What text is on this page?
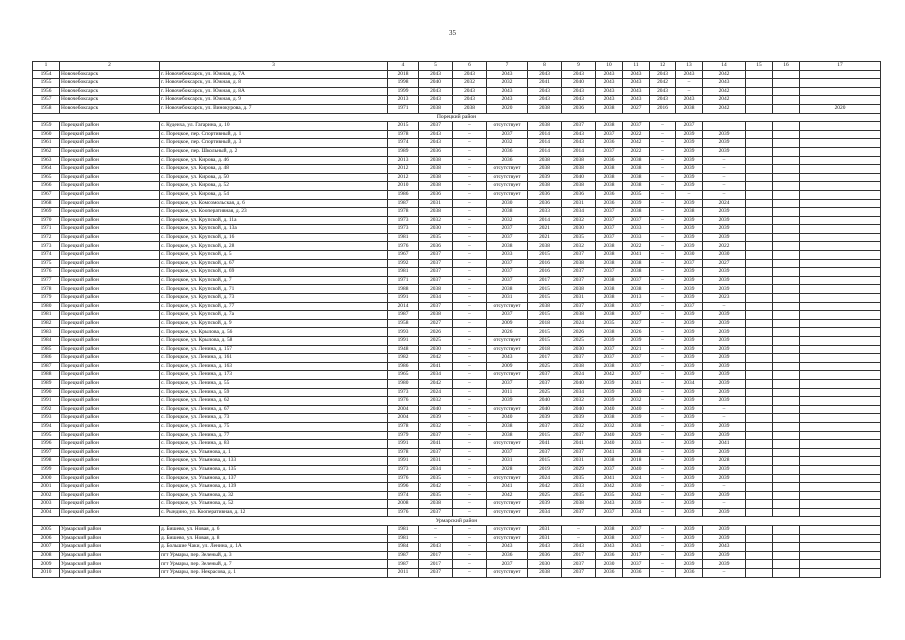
35
1	2	3	4	5	6	7	8	9	10	11	12	13	14	15	16	17
1954	Новочебоксарск	г. Новочебоксарск, ул. Южная, д. 7А	2018	2043	2043	2043	2043	2043	2043	2043	2043	2043	2042			
1955	Новочебоксарск	г. Новочебоксарск, ул. Южная, д. 8	1998	2040	2032	2032	2041	2040	2043	2043	2042	–	2043			
1956	Новочебоксарск	г. Новочебоксарск, ул. Южная, д. 8А	1999	2043	2043	2043	2043	2043	2043	2043	2043	–	2042			
1957	Новочебоксарск	г. Новочебоксарск, ул. Южная, д. 9	2013	2043	2043	2043	2043	2043	2043	2043	2043	2043	2042			
1958	Новочебоксарск	г. Новочебоксарск, ул. Винокурова, д. 7	1971	2038	2038	2020	2038	2036	2038	2027	2016	2038	2042			2020
Порецкий район																
1959	Порецкий район	с. Кудеиха, ул. Гагарина, д. 10	2015	2037	–	отсутствует	2038	2037	2038	2037	–	2037				
1960	Порецкий район	с. Порецкое, пер. Спортивный, д. 1	1978	2043	–	2037	2014	2043	2037	2022	–	2039	2039			
1961	Порецкий район	с. Порецкое, пер. Спортивный, д. 3	1974	2043	–	2032	2014	2043	2036	2042	–	2039	2039			
1962	Порецкий район	с. Порецкое, пер. Школьный, д. 2	1989	2036	–	2036	2014	2014	2037	2022	–	2039	2039			
1963	Порецкий район	с. Порецкое, ул. Кирова, д. 46	2013	2038	–	2036	2038	2038	2036	2038	–	2039	–			
1964	Порецкий район	с. Порецкое, ул. Кирова, д. 48	2012	2038	–	отсутствует	2038	2038	2038	2038	–	2039	–			
1965	Порецкий район	с. Порецкое, ул. Кирова, д. 50	2012	2038	–	отсутствует	2039	2040	2038	2038	–	2039	–			
1966	Порецкий район	с. Порецкое, ул. Кирова, д. 52	2010	2038	–	отсутствует	2038	2038	2038	2038	–	2039	–			
1967	Порецкий район	с. Порецкое, ул. Кирова, д. 54	1986	2036	–	отсутствует	2036	2036	2036	2035	–	–	–			
1968	Порецкий район	с. Порецкое, ул. Комсомольская, д. 6	1987	2031	–	2030	2036	2031	2036	2039	–	2039	2024			
1969	Порецкий район	с. Порецкое, ул. Кооперативная, д. 23	1978	2038	–	2038	2033	2034	2037	2038	–	2038	2039			
1970	Порецкий район	с. Порецкое, ул. Крупской, д. 11а	1973	2032	–	2032	2014	2032	2037	2037	–	2039	2039			
1971	Порецкий район	с. Порецкое, ул. Крупской, д. 13а	1973	2030	–	2037	2021	2030	2037	2033	–	2039	2039			
1972	Порецкий район	с. Порецкое, ул. Крупской, д. 16	1981	2035	–	2037	2021	2035	2037	2033	–	2039	2039			
1973	Порецкий район	с. Порецкое, ул. Крупской, д. 28	1976	2036	–	2038	2038	2032	2038	2022	–	2039	2022			
1974	Порецкий район	с. Порецкое, ул. Крупской, д. 5	1967	2037	–	2033	2015	2037	2038	2041	–	2030	2030			
1975	Порецкий район	с. Порецкое, ул. Крупской, д. 67	1992	2037	–	2037	2016	2038	2038	2038	–	2037	2027			
1976	Порецкий район	с. Порецкое, ул. Крупской, д. 69	1981	2037	–	2037	2016	2037	2037	2038	–	2039	2039			
1977	Порецкий район	с. Порецкое, ул. Крупской, д. 7	1971	2037	–	2037	2017	2037	2038	2037	–	2039	2039			
1978	Порецкий район	с. Порецкое, ул. Крупской, д. 71	1988	2038	–	2038	2015	2038	2038	2038	–	2039	2039			
1979	Порецкий район	с. Порецкое, ул. Крупской, д. 73	1991	2034	–	2031	2015	2031	2038	2013	–	2039	2023			
1980	Порецкий район	с. Порецкое, ул. Крупской, д. 77	2014	2037	–	отсутствует	2038	2037	2038	2037	–	2037	–			
1981	Порецкий район	с. Порецкое, ул. Крупской, д. 7а	1987	2038	–	2037	2015	2038	2038	2037	–	2039	2039			
1982	Порецкий район	с. Порецкое, ул. Крупской, д. 9	1958	2027	–	2009	2018	2024	2035	2027	–	2039	2039			
1983	Порецкий район	с. Порецкое, ул. Крылова, д. 56	1993	2026	–	2026	2015	2026	2038	2026	–	2039	2039			
1984	Порецкий район	с. Порецкое, ул. Крылова, д. 58	1991	2025	–	отсутствует	2015	2025	2039	2039	–	2039	2039			
1985	Порецкий район	с. Порецкое, ул. Ленина, д. 157	1948	2030	–	отсутствует	2018	2030	2037	2021	–	2039	2039			
1986	Порецкий район	с. Порецкое, ул. Ленина, д. 161	1982	2042	–	2043	2017	2037	2037	2037	–	2039	2039			
1987	Порецкий район	с. Порецкое, ул. Ленина, д. 163	1986	2041	–	2009	2025	2038	2038	2037	–	2039	2039			
1988	Порецкий район	с. Порецкое, ул. Ленина, д. 173	1965	2034	–	отсутствует	2037	2024	2042	2037	–	2039	2039			
1989	Порецкий район	с. Порецкое, ул. Ленина, д. 55	1980	2042	–	2037	2037	2040	2039	2041	–	2034	2039			
1990	Порецкий район	с. Порецкое, ул. Ленина, д. 59	1973	2024	–	2011	2025	2034	2039	2040	–	2039	2039			
1991	Порецкий район	с. Порецкое, ул. Ленина, д. 62	1976	2032	–	2039	2040	2032	2039	2032	–	2039	2039			
1992	Порецкий район	с. Порецкое, ул. Ленина, д. 67	2004	2040	–	отсутствует	2040	2040	2040	2040	–	2039	–			
1993	Порецкий район	с. Порецкое, ул. Ленина, д. 73	2004	2039	–	2040	2039	2039	2038	2039	–	2039	–			
1994	Порецкий район	с. Порецкое, ул. Ленина, д. 75	1978	2032	–	2038	2037	2032	2032	2038	–	2039	2039			
1995	Порецкий район	с. Порецкое, ул. Ленина, д. 77	1979	2037	–	2038	2015	2037	2040	2029	–	2039	2039			
1996	Порецкий район	с. Порецкое, ул. Ленина, д. 83	1991	2041	–	отсутствует	2041	2041	2040	2033	–	2039	2041			
1997	Порецкий район	с. Порецкое, ул. Ульянова, д. 1	1978	2037	–	2037	2037	2037	2041	2038	–	2039	2039			
1998	Порецкий район	с. Порецкое, ул. Ульянова, д. 133	1991	2031	–	2031	2015	2031	2038	2018	–	2039	2028			
1999	Порецкий район	с. Порецкое, ул. Ульянова, д. 135	1973	2034	–	2028	2019	2029	2037	2040	–	2039	2039			
2000	Порецкий район	с. Порецкое, ул. Ульянова, д. 137	1976	2035	–	отсутствует	2024	2035	2041	2024	–	2039	2039			
2001	Порецкий район	с. Порецкое, ул. Ульянова, д. 139	1996	2042	–	2041	2042	2033	2042	2030	–	2039	–			
2002	Порецкий район	с. Порецкое, ул. Ульянова, д. 32	1974	2035	–	2042	2025	2035	2035	2042	–	2039	2039			
2003	Порецкий район	с. Порецкое, ул. Ульянова, д. 52	2008	2038	–	отсутствует	2039	2038	2043	2039	–	2039	–			
2004	Порецкий район	с. Рындино, ул. Кооперативная, д. 12	1976	2037	–	отсутствует	2034	2037	2037	2034	–	2039	2039			
Урмарский район																
2005	Урмарский район	д. Бишево, ул. Новая, д. 6	1981	–	–	отсутствует	2031	–	2038	2037	–	2039	2039			
2006	Урмарский район	д. Бишево, ул. Новая, д. 8	1981	–	–	отсутствует	2031	–	2038	2037	–	2039	2039			
2007	Урмарский район	д. Большие Чаки, ул. Ленина, д. 1А	1984	2043	–	2043	2043	2043	2043	2043	–	2039	2043			
2008	Урмарский район	пгт Урмары, пер. Зеленый, д. 3	1987	2017	–	2036	2036	2017	2036	2017	–	2039	2039			
2009	Урмарский район	пгт Урмары, пер. Зеленый, д. 7	1987	2017	–	2037	2030	2037	2030	2037	–	2039	2039			
2010	Урмарский район	пгт Урмары, пер. Некрасова, д. 1	2011	2037	–	отсутствует	2038	2037	2036	2036	–	2036	–			
